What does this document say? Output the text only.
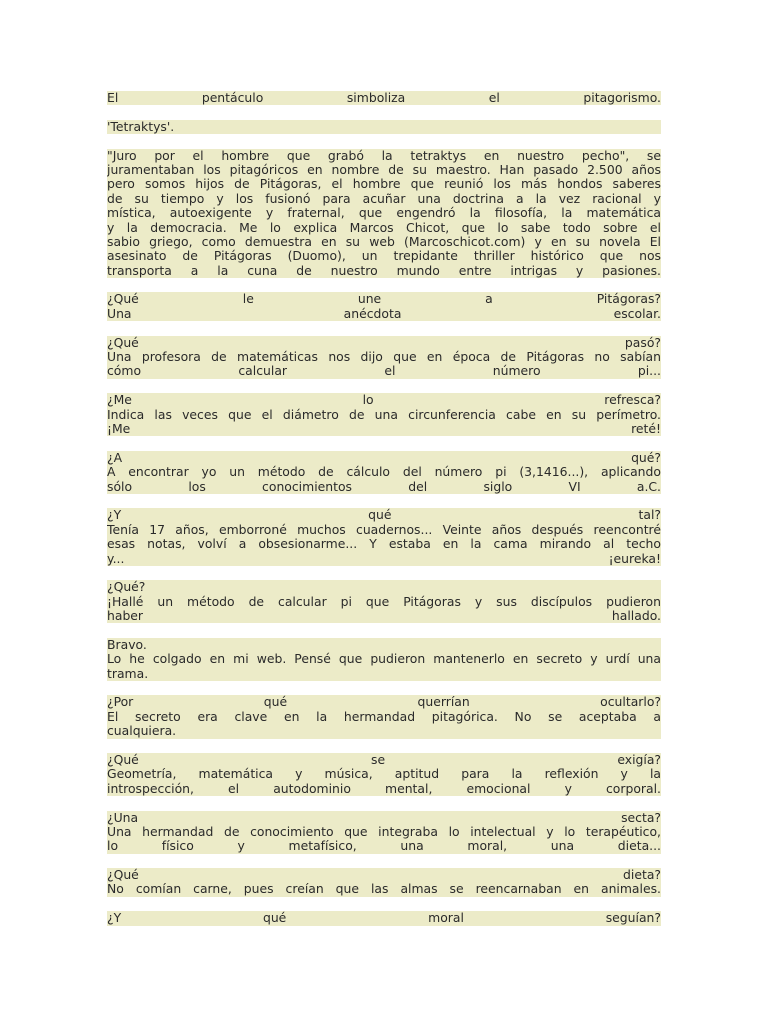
El pentáculo simboliza el pitagorismo.
'Tetraktys'.
"Juro por el hombre que grabó la tetraktys en nuestro pecho", se
juramentaban los pitagóricos en nombre de su maestro. Han pasado 2.500 años
pero somos hijos de Pitágoras, el hombre que reunió los más hondos saberes
de su tiempo y los fusionó para acuñar una doctrina a la vez racional y
mística, autoexigente y fraternal, que engendró la filosofía, la matemática
y la democracia. Me lo explica Marcos Chicot, que lo sabe todo sobre el
sabio griego, como demuestra en su web (Marcoschicot.com) y en su novela El
asesinato de Pitágoras (Duomo), un trepidante thriller histórico que nos
transporta a la cuna de nuestro mundo entre intrigas y pasiones.
¿Qué le une a Pitágoras?
Una anécdota escolar.
¿Qué pasó?
Una profesora de matemáticas nos dijo que en época de Pitágoras no sabían
cómo calcular el número pi...
¿Me lo refresca?
Indica las veces que el diámetro de una circunferencia cabe en su perímetro.
¡Me reté!
¿A qué?
A encontrar yo un método de cálculo del número pi (3,1416...), aplicando
sólo los conocimientos del siglo VI a.C.
¿Y qué tal?
Tenía 17 años, emborroné muchos cuadernos... Veinte años después reencontré
esas notas, volví a obsesionarme... Y estaba en la cama mirando al techo
y... ¡eureka!
¿Qué?
¡Hallé un método de calcular pi que Pitágoras y sus discípulos pudieron
haber hallado.
Bravo.
Lo he colgado en mi web. Pensé que pudieron mantenerlo en secreto y urdí una
trama.
¿Por qué querrían ocultarlo?
El secreto era clave en la hermandad pitagórica. No se aceptaba a
cualquiera.
¿Qué se exigía?
Geometría, matemática y música, aptitud para la reflexión y la
introspección, el autodominio mental, emocional y corporal.
¿Una secta?
Una hermandad de conocimiento que integraba lo intelectual y lo terapéutico,
lo físico y metafísico, una moral, una dieta...
¿Qué dieta?
No comían carne, pues creían que las almas se reencarnaban en animales.
¿Y qué moral seguían?
